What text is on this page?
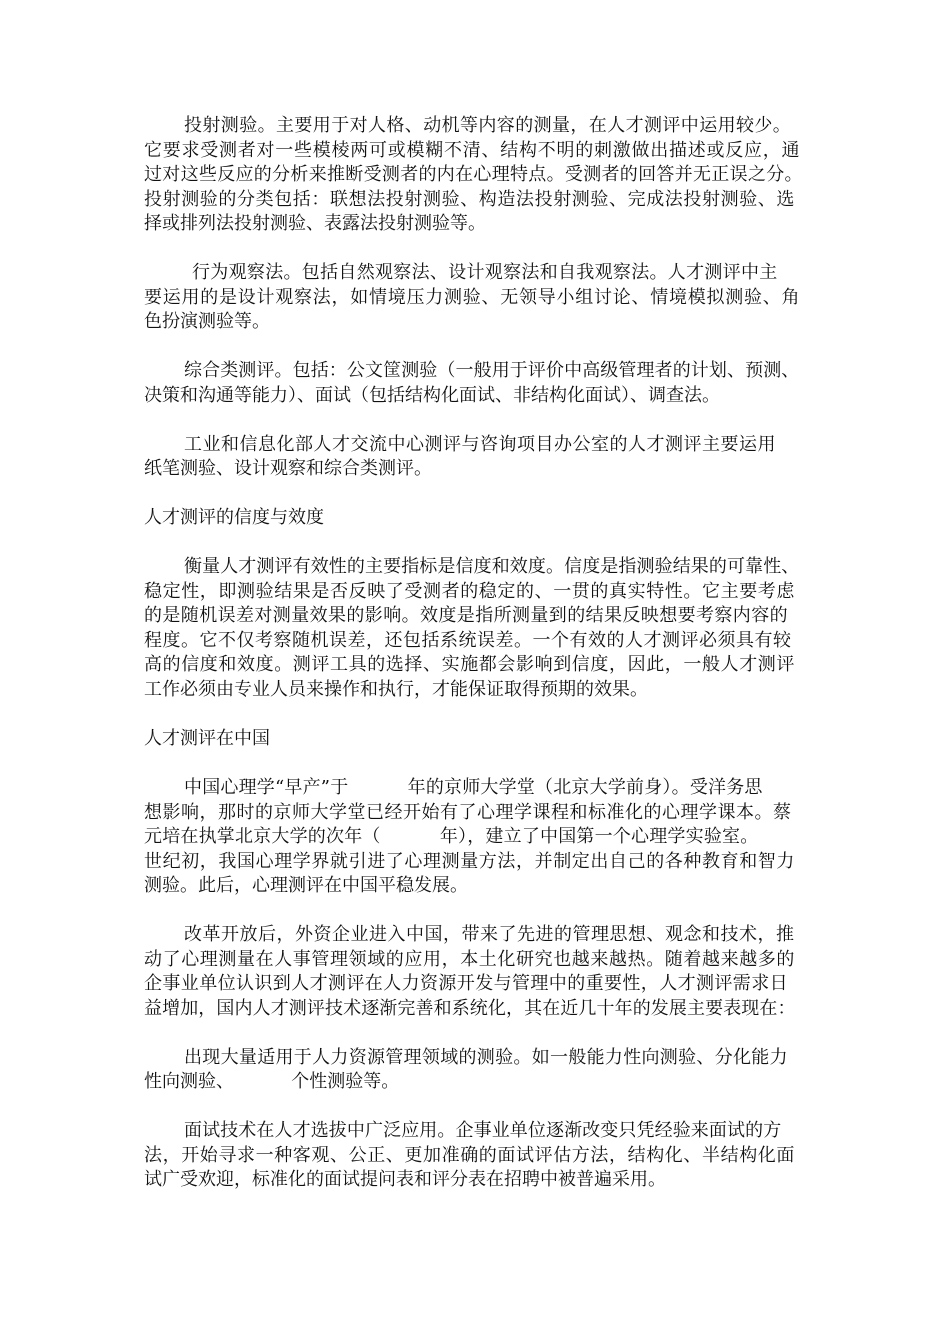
投射测验。主要用于对人格、动机等内容的测量，在人才测评中运用较少。

它要求受测者对一些模棱两可或模糊不清、结构不明的刺激做出描述或反应，通

过对这些反应的分析来推断受测者的内在心理特点。受测者的回答并无正误之分。

投射测验的分类包括：联想法投射测验、构造法投射测验、完成法投射测验、选

择或排列法投射测验、表露法投射测验等。

行为观察法。包括自然观察法、设计观察法和自我观察法。人才测评中主

要运用的是设计观察法，如情境压力测验、无领导小组讨论、情境模拟测验、角

色扮演测验等。

综合类测评。包括：公文筐测验（一般用于评价中高级管理者的计划、预测、

决策和沟通等能力）、面试（包括结构化面试、非结构化面试）、调查法。

工业和信息化部人才交流中心测评与咨询项目办公室的人才测评主要运用

纸笔测验、设计观察和综合类测评。

人才测评的信度与效度

衡量人才测评有效性的主要指标是信度和效度。信度是指测验结果的可靠性、

稳定性，即测验结果是否反映了受测者的稳定的、一贯的真实特性。它主要考虑

的是随机误差对测量效果的影响。效度是指所测量到的结果反映想要考察内容的

程度。它不仅考察随机误差，还包括系统误差。一个有效的人才测评必须具有较

高的信度和效度。测评工具的选择、实施都会影响到信度，因此，一般人才测评

工作必须由专业人员来操作和执行，才能保证取得预期的效果。

人才测评在中国

中国心理学“早产”于          年的京师大学堂（北京大学前身）。受洋务思

想影响，那时的京师大学堂已经开始有了心理学课程和标准化的心理学课本。蔡

元培在执掌北京大学的次年（          年），建立了中国第一个心理学实验室。

世纪初，我国心理学界就引进了心理测量方法，并制定出自己的各种教育和智力

测验。此后，心理测评在中国平稳发展。

改革开放后，外资企业进入中国，带来了先进的管理思想、观念和技术，推

动了心理测量在人事管理领域的应用，本土化研究也越来越热。随着越来越多的

企事业单位认识到人才测评在人力资源开发与管理中的重要性，人才测评需求日

益增加，国内人才测评技术逐渐完善和系统化，其在近几十年的发展主要表现在：

出现大量适用于人力资源管理领域的测验。如一般能力性向测验、分化能力

性向测验、          个性测验等。

面试技术在人才选拔中广泛应用。企事业单位逐渐改变只凭经验来面试的方

法，开始寻求一种客观、公正、更加准确的面试评估方法，结构化、半结构化面

试广受欢迎，标准化的面试提问表和评分表在招聘中被普遍采用。
